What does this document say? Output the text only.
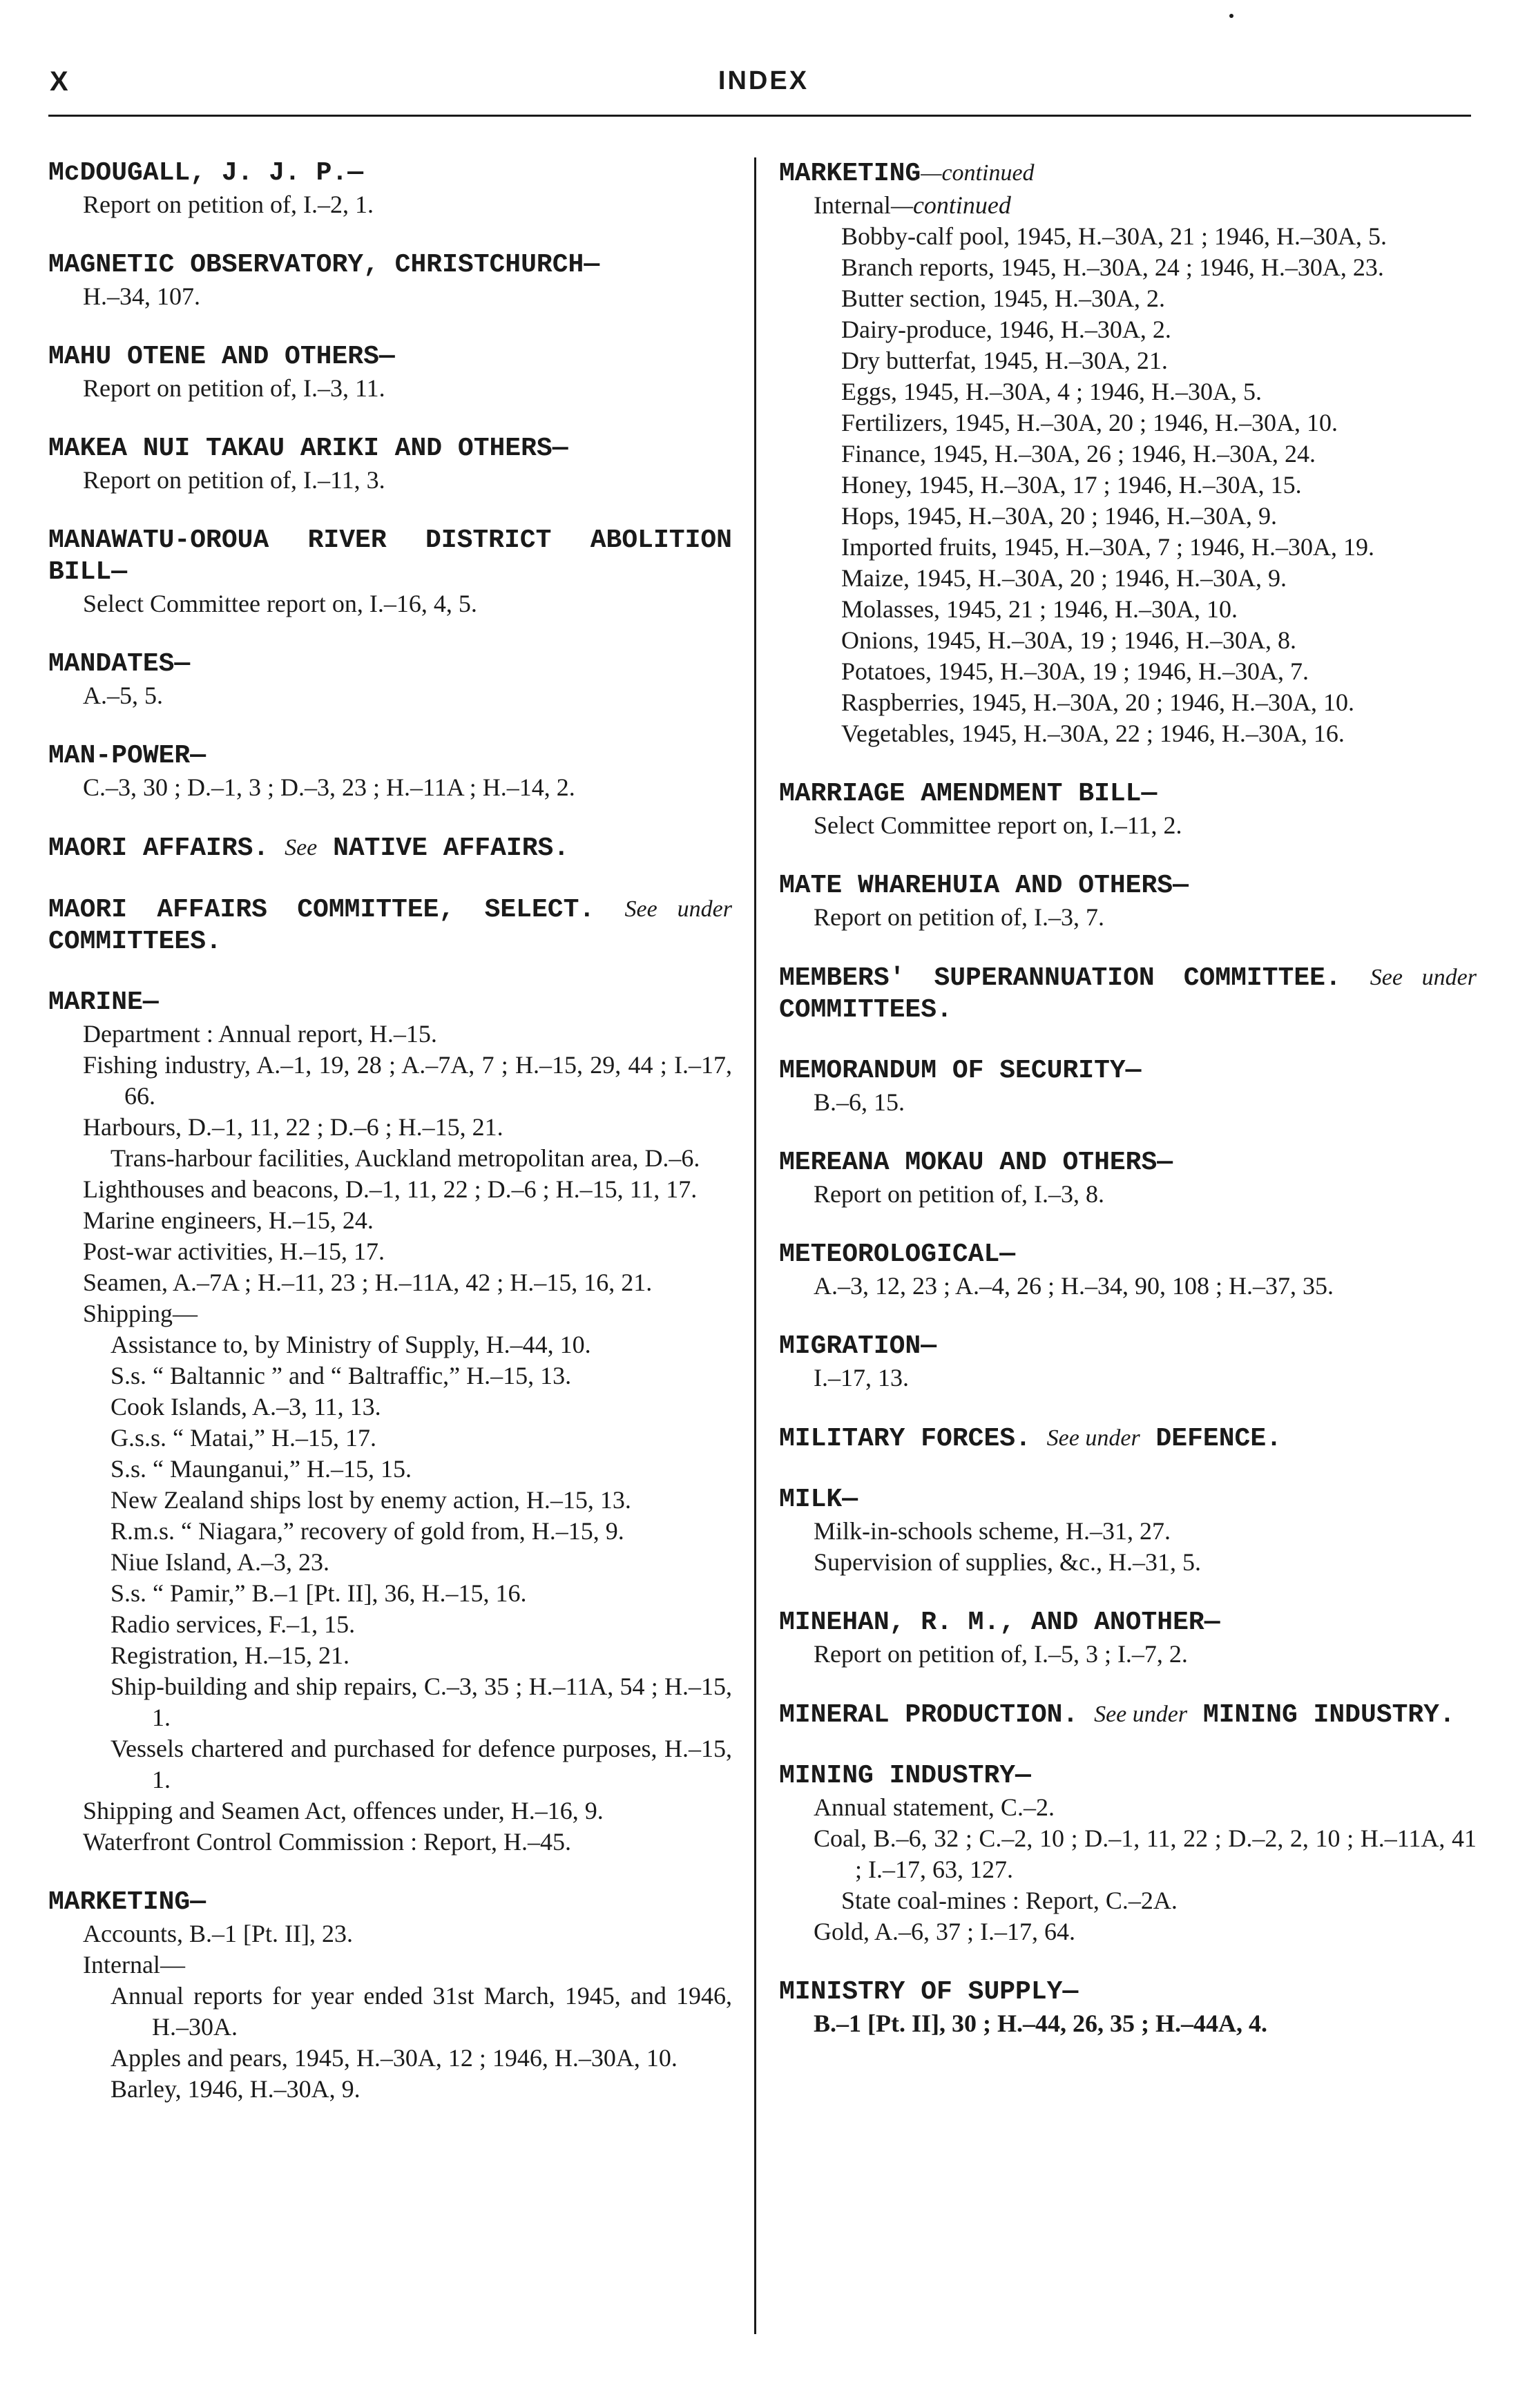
X	INDEX
McDOUGALL, J. J. P.—
Report on petition of, I.–2, 1.
MAGNETIC OBSERVATORY, CHRISTCHURCH—
H.–34, 107.
MAHU OTENE AND OTHERS—
Report on petition of, I.–3, 11.
MAKEA NUI TAKAU ARIKI AND OTHERS—
Report on petition of, I.–11, 3.
MANAWATU-OROUA RIVER DISTRICT ABOLITION BILL—
Select Committee report on, I.–16, 4, 5.
MANDATES—
A.–5, 5.
MAN-POWER—
C.–3, 30 ; D.–1, 3 ; D.–3, 23 ; H.–11A ; H.–14, 2.
MAORI AFFAIRS. See NATIVE AFFAIRS.
MAORI AFFAIRS COMMITTEE, SELECT. See under COMMITTEES.
MARINE—
Department : Annual report, H.–15.
Fishing industry, A.–1, 19, 28 ; A.–7A, 7 ; H.–15, 29, 44 ; I.–17, 66.
Harbours, D.–1, 11, 22 ; D.–6 ; H.–15, 21.
Trans-harbour facilities, Auckland metropolitan area, D.–6.
Lighthouses and beacons, D.–1, 11, 22 ; D.–6 ; H.–15, 11, 17.
Marine engineers, H.–15, 24.
Post-war activities, H.–15, 17.
Seamen, A.–7A ; H.–11, 23 ; H.–11A, 42 ; H.–15, 16, 21.
Shipping—
Assistance to, by Ministry of Supply, H.–44, 10.
S.s. “ Baltannic ” and “ Baltraffic,” H.–15, 13.
Cook Islands, A.–3, 11, 13.
G.s.s. “ Matai,” H.–15, 17.
S.s. “ Maunganui,” H.–15, 15.
New Zealand ships lost by enemy action, H.–15, 13.
R.m.s. “ Niagara,” recovery of gold from, H.–15, 9.
Niue Island, A.–3, 23.
S.s. “ Pamir,” B.–1 [Pt. II], 36, H.–15, 16.
Radio services, F.–1, 15.
Registration, H.–15, 21.
Ship-building and ship repairs, C.–3, 35 ; H.–11A, 54 ; H.–15, 1.
Vessels chartered and purchased for defence purposes, H.–15, 1.
Shipping and Seamen Act, offences under, H.–16, 9.
Waterfront Control Commission : Report, H.–45.
MARKETING—
Accounts, B.–1 [Pt. II], 23.
Internal—
Annual reports for year ended 31st March, 1945, and 1946, H.–30A.
Apples and pears, 1945, H.–30A, 12 ; 1946, H.–30A, 10.
Barley, 1946, H.–30A, 9.
MARKETING—continued
Internal—continued
Bobby-calf pool, 1945, H.–30A, 21 ; 1946, H.–30A, 5.
Branch reports, 1945, H.–30A, 24 ; 1946, H.–30A, 23.
Butter section, 1945, H.–30A, 2.
Dairy-produce, 1946, H.–30A, 2.
Dry butterfat, 1945, H.–30A, 21.
Eggs, 1945, H.–30A, 4 ; 1946, H.–30A, 5.
Fertilizers, 1945, H.–30A, 20 ; 1946, H.–30A, 10.
Finance, 1945, H.–30A, 26 ; 1946, H.–30A, 24.
Honey, 1945, H.–30A, 17 ; 1946, H.–30A, 15.
Hops, 1945, H.–30A, 20 ; 1946, H.–30A, 9.
Imported fruits, 1945, H.–30A, 7 ; 1946, H.–30A, 19.
Maize, 1945, H.–30A, 20 ; 1946, H.–30A, 9.
Molasses, 1945, 21 ; 1946, H.–30A, 10.
Onions, 1945, H.–30A, 19 ; 1946, H.–30A, 8.
Potatoes, 1945, H.–30A, 19 ; 1946, H.–30A, 7.
Raspberries, 1945, H.–30A, 20 ; 1946, H.–30A, 10.
Vegetables, 1945, H.–30A, 22 ; 1946, H.–30A, 16.
MARRIAGE AMENDMENT BILL—
Select Committee report on, I.–11, 2.
MATE WHAREHUIA AND OTHERS—
Report on petition of, I.–3, 7.
MEMBERS' SUPERANNUATION COMMITTEE. See under COMMITTEES.
MEMORANDUM OF SECURITY—
B.–6, 15.
MEREANA MOKAU AND OTHERS—
Report on petition of, I.–3, 8.
METEOROLOGICAL—
A.–3, 12, 23 ; A.–4, 26 ; H.–34, 90, 108 ; H.–37, 35.
MIGRATION—
I.–17, 13.
MILITARY FORCES. See under DEFENCE.
MILK—
Milk-in-schools scheme, H.–31, 27.
Supervision of supplies, &c., H.–31, 5.
MINEHAN, R. M., AND ANOTHER—
Report on petition of, I.–5, 3 ; I.–7, 2.
MINERAL PRODUCTION. See under MINING INDUSTRY.
MINING INDUSTRY—
Annual statement, C.–2.
Coal, B.–6, 32 ; C.–2, 10 ; D.–1, 11, 22 ; D.–2, 2, 10 ; H.–11A, 41 ; I.–17, 63, 127.
State coal-mines : Report, C.–2A.
Gold, A.–6, 37 ; I.–17, 64.
MINISTRY OF SUPPLY—
B.–1 [Pt. II], 30 ; H.–44, 26, 35 ; H.–44A, 4.
